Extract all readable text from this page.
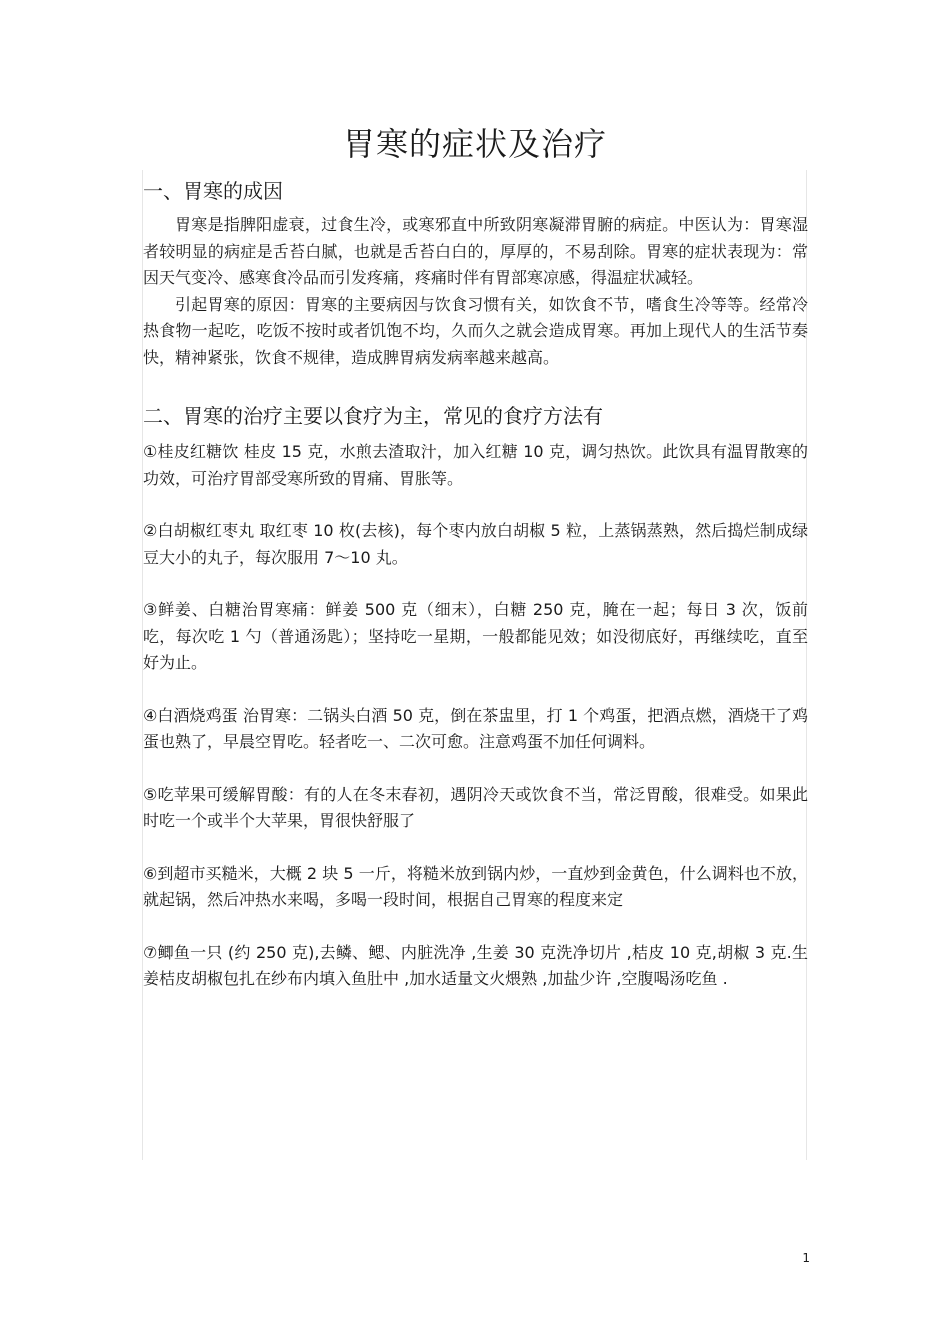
胃寒的症状及治疗
一、胃寒的成因

胃寒是指脾阳虚衰，过食生冷，或寒邪直中所致阴寒凝滞胃腑的病症。中医认为：胃寒湿者较明显的病症是舌苔白腻，也就是舌苔白白的，厚厚的，不易刮除。胃寒的症状表现为：常因天气变冷、感寒食冷品而引发疼痛，疼痛时伴有胃部寒凉感，得温症状减轻。

引起胃寒的原因：胃寒的主要病因与饮食习惯有关，如饮食不节，嗜食生冷等等。经常冷热食物一起吃，吃饭不按时或者饥饱不均，久而久之就会造成胃寒。再加上现代人的生活节奏快，精神紧张，饮食不规律，造成脾胃病发病率越来越高。

二、胃寒的治疗主要以食疗为主，常见的食疗方法有

①桂皮红糖饮 桂皮 15 克，水煎去渣取汁，加入红糖 10 克，调匀热饮。此饮具有温胃散寒的功效，可治疗胃部受寒所致的胃痛、胃胀等。

②白胡椒红枣丸 取红枣 10 枚(去核)，每个枣内放白胡椒 5 粒，上蒸锅蒸熟，然后捣烂制成绿豆大小的丸子，每次服用 7～10 丸。

③鲜姜、白糖治胃寒痛：鲜姜 500 克（细末），白糖 250 克，腌在一起；每日 3 次，饭前吃，每次吃 1 勺（普通汤匙）；坚持吃一星期，一般都能见效；如没彻底好，再继续吃，直至好为止。

④白酒烧鸡蛋 治胃寒：二锅头白酒 50 克，倒在茶盅里，打 1 个鸡蛋，把酒点燃，酒烧干了鸡蛋也熟了，早晨空胃吃。轻者吃一、二次可愈。注意鸡蛋不加任何调料。

⑤吃苹果可缓解胃酸：有的人在冬末春初，遇阴冷天或饮食不当，常泛胃酸，很难受。如果此时吃一个或半个大苹果，胃很快舒服了

⑥到超市买糙米，大概 2 块 5 一斤，将糙米放到锅内炒，一直炒到金黄色，什么调料也不放，就起锅，然后冲热水来喝，多喝一段时间，根据自己胃寒的程度来定

⑦鲫鱼一只 (约 250 克),去鳞、鳃、内脏洗净 ,生姜 30 克洗净切片 ,桔皮 10 克,胡椒 3 克.生姜桔皮胡椒包扎在纱布内填入鱼肚中 ,加水适量文火煨熟 ,加盐少许 ,空腹喝汤吃鱼 .

1
